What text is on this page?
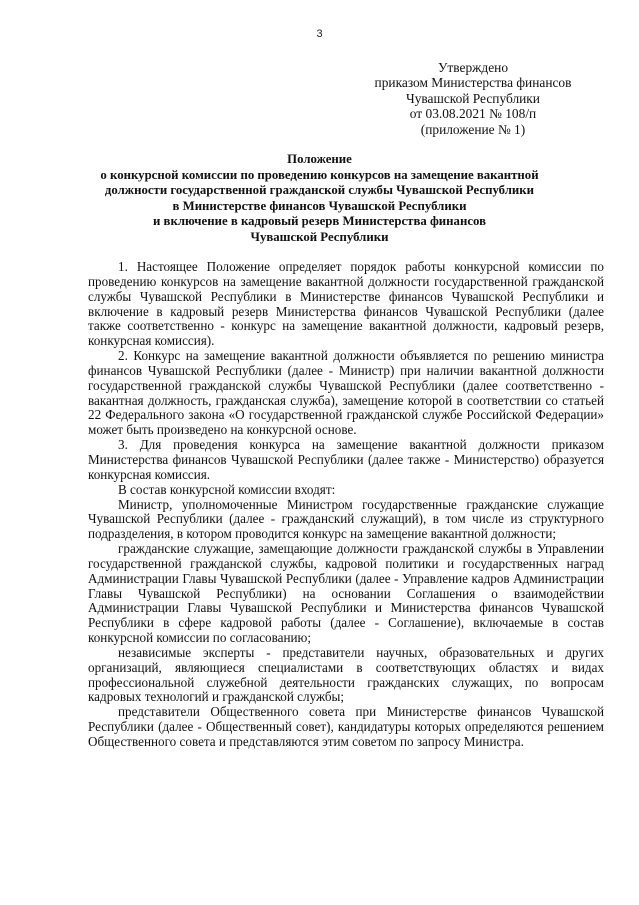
3
Утверждено
приказом Министерства финансов
Чувашской Республики
от 03.08.2021 № 108/п
(приложение № 1)
Положение
о конкурсной комиссии по проведению конкурсов на замещение вакантной
должности государственной гражданской службы Чувашской Республики
в Министерстве финансов Чувашской Республики
и включение в кадровый резерв Министерства финансов
Чувашской Республики

1. Настоящее Положение определяет порядок работы конкурсной комиссии по проведению конкурсов на замещение вакантной должности государственной гражданской службы Чувашской Республики в Министерстве финансов Чувашской Республики и включение в кадровый резерв Министерства финансов Чувашской Республики (далее также соответственно - конкурс на замещение вакантной должности, кадровый резерв, конкурсная комиссия).

2. Конкурс на замещение вакантной должности объявляется по решению министра финансов Чувашской Республики (далее - Министр) при наличии вакантной должности государственной гражданской службы Чувашской Республики (далее соответственно - вакантная должность, гражданская служба), замещение которой в соответствии со статьей 22 Федерального закона «О государственной гражданской службе Российской Федерации» может быть произведено на конкурсной основе.

3. Для проведения конкурса на замещение вакантной должности приказом Министерства финансов Чувашской Республики (далее также - Министерство) образуется конкурсная комиссия.

В состав конкурсной комиссии входят:

Министр, уполномоченные Министром государственные гражданские служащие Чувашской Республики (далее - гражданский служащий), в том числе из структурного подразделения, в котором проводится конкурс на замещение вакантной должности;

гражданские служащие, замещающие должности гражданской службы в Управлении государственной гражданской службы, кадровой политики и государственных наград Администрации Главы Чувашской Республики (далее - Управление кадров Администрации Главы Чувашской Республики) на основании Соглашения о взаимодействии Администрации Главы Чувашской Республики и Министерства финансов Чувашской Республики в сфере кадровой работы (далее - Соглашение), включаемые в состав конкурсной комиссии по согласованию;

независимые эксперты - представители научных, образовательных и других организаций, являющиеся специалистами в соответствующих областях и видах профессиональной служебной деятельности гражданских служащих, по вопросам кадровых технологий и гражданской службы;

представители Общественного совета при Министерстве финансов Чувашской Республики (далее - Общественный совет), кандидатуры которых определяются решением Общественного совета и представляются этим советом по запросу Министра.
